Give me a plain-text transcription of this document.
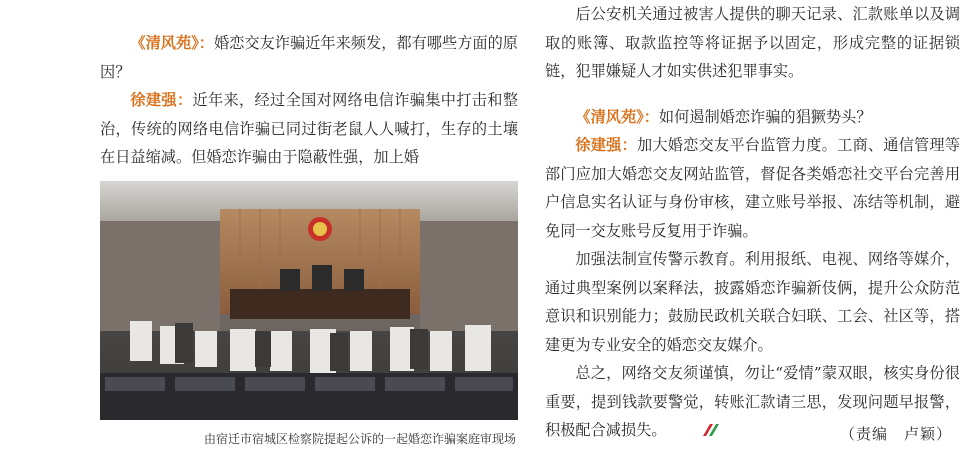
《清风苑》：婚恋交友诈骗近年来频发，都有哪些方面的原因？

徐建强：近年来，经过全国对网络电信诈骗集中打击和整治，传统的网络电信诈骗已同过街老鼠人人喊打，生存的土壤在日益缩减。但婚恋诈骗由于隐蔽性强，加上婚

由宿迁市宿城区检察院提起公诉的一起婚恋诈骗案庭审现场

后公安机关通过被害人提供的聊天记录、汇款账单以及调取的账簿、取款监控等将证据予以固定，形成完整的证据锁链，犯罪嫌疑人才如实供述犯罪事实。

《清风苑》：如何遏制婚恋诈骗的猖獗势头？

徐建强：加大婚恋交友平台监管力度。工商、通信管理等部门应加大婚恋交友网站监管，督促各类婚恋社交平台完善用户信息实名认证与身份审核，建立账号举报、冻结等机制，避免同一交友账号反复用于诈骗。

加强法制宣传警示教育。利用报纸、电视、网络等媒介，通过典型案例以案释法，披露婚恋诈骗新伎俩，提升公众防范意识和识别能力；鼓励民政机关联合妇联、工会、社区等，搭建更为专业安全的婚恋交友媒介。

总之，网络交友须谨慎，勿让“爱情”蒙双眼，核实身份很重要，提到钱款要警觉，转账汇款请三思，发现问题早报警，积极配合减损失。	（责编　卢颖）
